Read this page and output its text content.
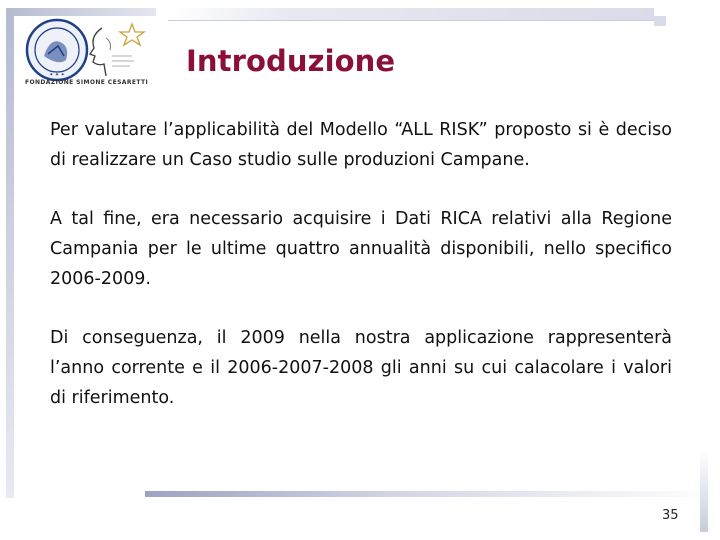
✦ ✦ ✦
FONDAZIONE SIMONE CESARETTI
Introduzione

Per valutare l’applicabilità del Modello “ALL RISK” proposto si è deciso di realizzare un Caso studio sulle produzioni Campane.

A tal fine, era necessario acquisire i Dati RICA relativi alla Regione Campania per le ultime quattro annualità disponibili, nello specifico 2006-2009.

Di conseguenza, il 2009 nella nostra applicazione rappresenterà l’anno corrente e il 2006-2007-2008 gli anni su cui calacolare i valori di riferimento.

35
